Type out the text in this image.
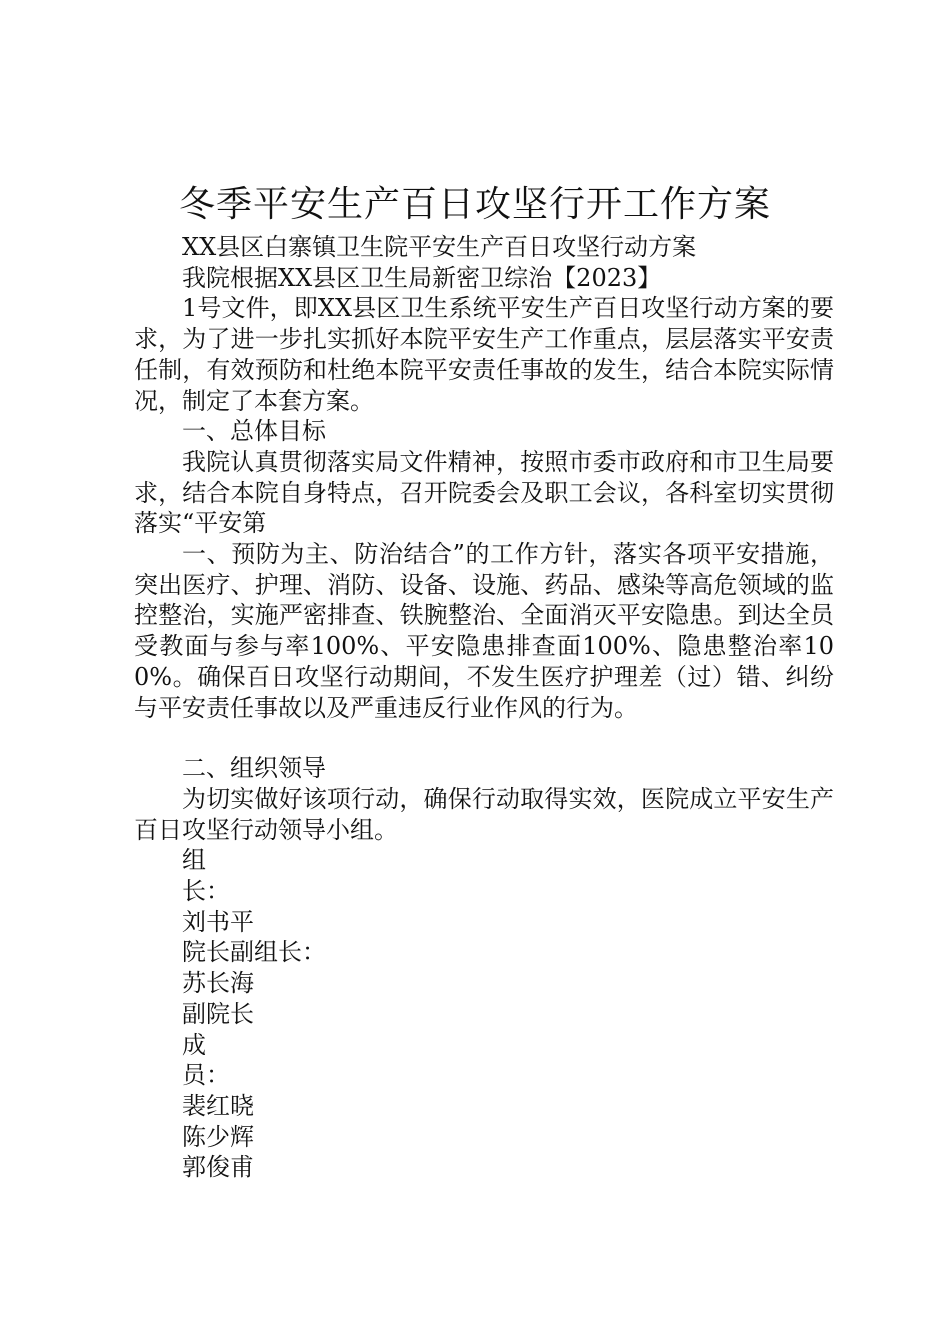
冬季平安生产百日攻坚行开工作方案

XX县区白寨镇卫生院平安生产百日攻坚行动方案

我院根据XX县区卫生局新密卫综治【2023】

1号文件，即XX县区卫生系统平安生产百日攻坚行动方案的要求，为了进一步扎实抓好本院平安生产工作重点，层层落实平安责任制，有效预防和杜绝本院平安责任事故的发生，结合本院实际情况，制定了本套方案。

一、总体目标

我院认真贯彻落实局文件精神，按照市委市政府和市卫生局要求，结合本院自身特点，召开院委会及职工会议，各科室切实贯彻落实“平安第

一、预防为主、防治结合”的工作方针，落实各项平安措施，突出医疗、护理、消防、设备、设施、药品、感染等高危领域的监控整治，实施严密排查、铁腕整治、全面消灭平安隐患。到达全员受教面与参与率100%、平安隐患排查面100%、隐患整治率100%。确保百日攻坚行动期间，不发生医疗护理差（过）错、纠纷与平安责任事故以及严重违反行业作风的行为。

二、组织领导

为切实做好该项行动，确保行动取得实效，医院成立平安生产百日攻坚行动领导小组。

组
长：
刘书平
院长副组长：
苏长海
副院长
成
员：
裴红晓
陈少辉
郭俊甫
